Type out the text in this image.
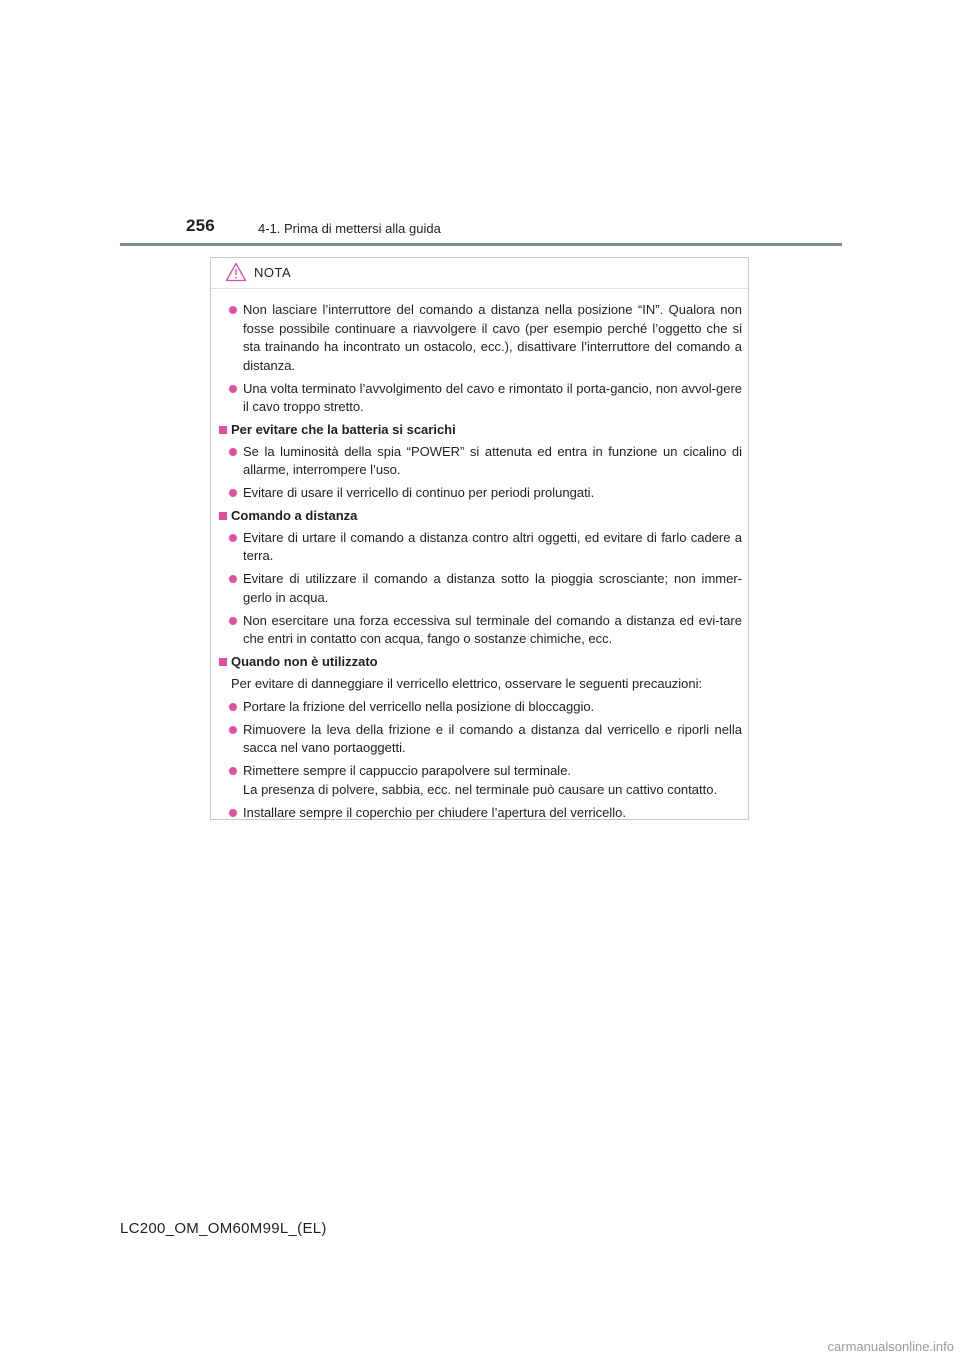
256	4-1. Prima di mettersi alla guida
NOTA
Non lasciare l’interruttore del comando a distanza nella posizione “IN”. Qualora non fosse possibile continuare a riavvolgere il cavo (per esempio perché l’oggetto che si sta trainando ha incontrato un ostacolo, ecc.), disattivare l’interruttore del comando a distanza.
Una volta terminato l’avvolgimento del cavo e rimontato il porta-gancio, non avvol-gere il cavo troppo stretto.
Per evitare che la batteria si scarichi
Se la luminosità della spia “POWER” si attenuta ed entra in funzione un cicalino di allarme, interrompere l’uso.
Evitare di usare il verricello di continuo per periodi prolungati.
Comando a distanza
Evitare di urtare il comando a distanza contro altri oggetti, ed evitare di farlo cadere a terra.
Evitare di utilizzare il comando a distanza sotto la pioggia scrosciante; non immer-gerlo in acqua.
Non esercitare una forza eccessiva sul terminale del comando a distanza ed evi-tare che entri in contatto con acqua, fango o sostanze chimiche, ecc.
Quando non è utilizzato
Per evitare di danneggiare il verricello elettrico, osservare le seguenti precauzioni:
Portare la frizione del verricello nella posizione di bloccaggio.
Rimuovere la leva della frizione e il comando a distanza dal verricello e riporli nella sacca nel vano portaoggetti.
Rimettere sempre il cappuccio parapolvere sul terminale.
La presenza di polvere, sabbia, ecc. nel terminale può causare un cattivo contatto.
Installare sempre il coperchio per chiudere l’apertura del verricello.
LC200_OM_OM60M99L_(EL)
carmanualsonline.info
